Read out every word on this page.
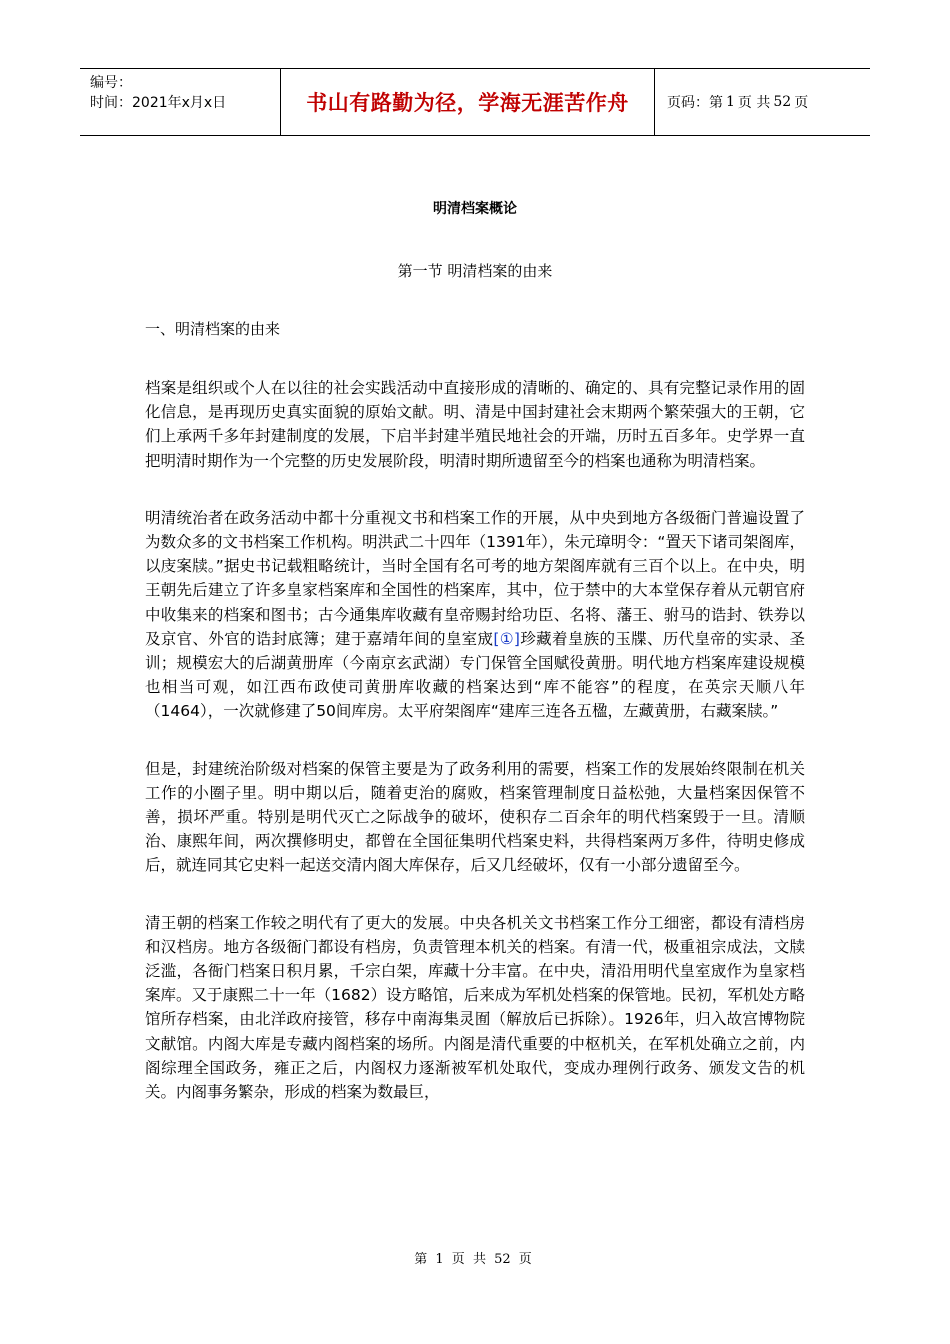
编号：
时间：2021年x月x日	书山有路勤为径，学海无涯苦作舟	页码：第 1 页 共 52 页
明清档案概论
第一节 明清档案的由来
一、明清档案的由来

档案是组织或个人在以往的社会实践活动中直接形成的清晰的、确定的、具有完整记录作用的固化信息，是再现历史真实面貌的原始文献。明、清是中国封建社会末期两个繁荣强大的王朝，它们上承两千多年封建制度的发展，下启半封建半殖民地社会的开端，历时五百多年。史学界一直把明清时期作为一个完整的历史发展阶段，明清时期所遗留至今的档案也通称为明清档案。

明清统治者在政务活动中都十分重视文书和档案工作的开展，从中央到地方各级衙门普遍设置了为数众多的文书档案工作机构。明洪武二十四年（1391年），朱元璋明令：“置天下诸司架阁库，以庋案牍。”据史书记载粗略统计，当时全国有名可考的地方架阁库就有三百个以上。在中央，明王朝先后建立了许多皇家档案库和全国性的档案库，其中，位于禁中的大本堂保存着从元朝官府中收集来的档案和图书；古今通集库收藏有皇帝赐封给功臣、名将、藩王、驸马的诰封、铁券以及京官、外官的诰封底簿；建于嘉靖年间的皇室宬[①]珍藏着皇族的玉牒、历代皇帝的实录、圣训；规模宏大的后湖黄册库（今南京玄武湖）专门保管全国赋役黄册。明代地方档案库建设规模也相当可观，如江西布政使司黄册库收藏的档案达到“库不能容”的程度，在英宗天顺八年（1464），一次就修建了50间库房。太平府架阁库“建库三连各五楹，左藏黄册，右藏案牍。”

但是，封建统治阶级对档案的保管主要是为了政务利用的需要，档案工作的发展始终限制在机关工作的小圈子里。明中期以后，随着吏治的腐败，档案管理制度日益松弛，大量档案因保管不善，损坏严重。特别是明代灭亡之际战争的破坏，使积存二百余年的明代档案毁于一旦。清顺治、康熙年间，两次撰修明史，都曾在全国征集明代档案史料，共得档案两万多件，待明史修成后，就连同其它史料一起送交清内阁大库保存，后又几经破坏，仅有一小部分遗留至今。

清王朝的档案工作较之明代有了更大的发展。中央各机关文书档案工作分工细密，都设有清档房和汉档房。地方各级衙门都设有档房，负责管理本机关的档案。有清一代，极重祖宗成法，文牍泛滥，各衙门档案日积月累，千宗白架，库藏十分丰富。在中央，清沿用明代皇室宬作为皇家档案库。又于康熙二十一年（1682）设方略馆，后来成为军机处档案的保管地。民初，军机处方略馆所存档案，由北洋政府接管，移存中南海集灵囿（解放后已拆除）。1926年，归入故宫博物院文献馆。内阁大库是专藏内阁档案的场所。内阁是清代重要的中枢机关，在军机处确立之前，内阁综理全国政务，雍正之后，内阁权力逐渐被军机处取代，变成办理例行政务、颁发文告的机关。内阁事务繁杂，形成的档案为数最巨，

第 1 页 共 52 页
